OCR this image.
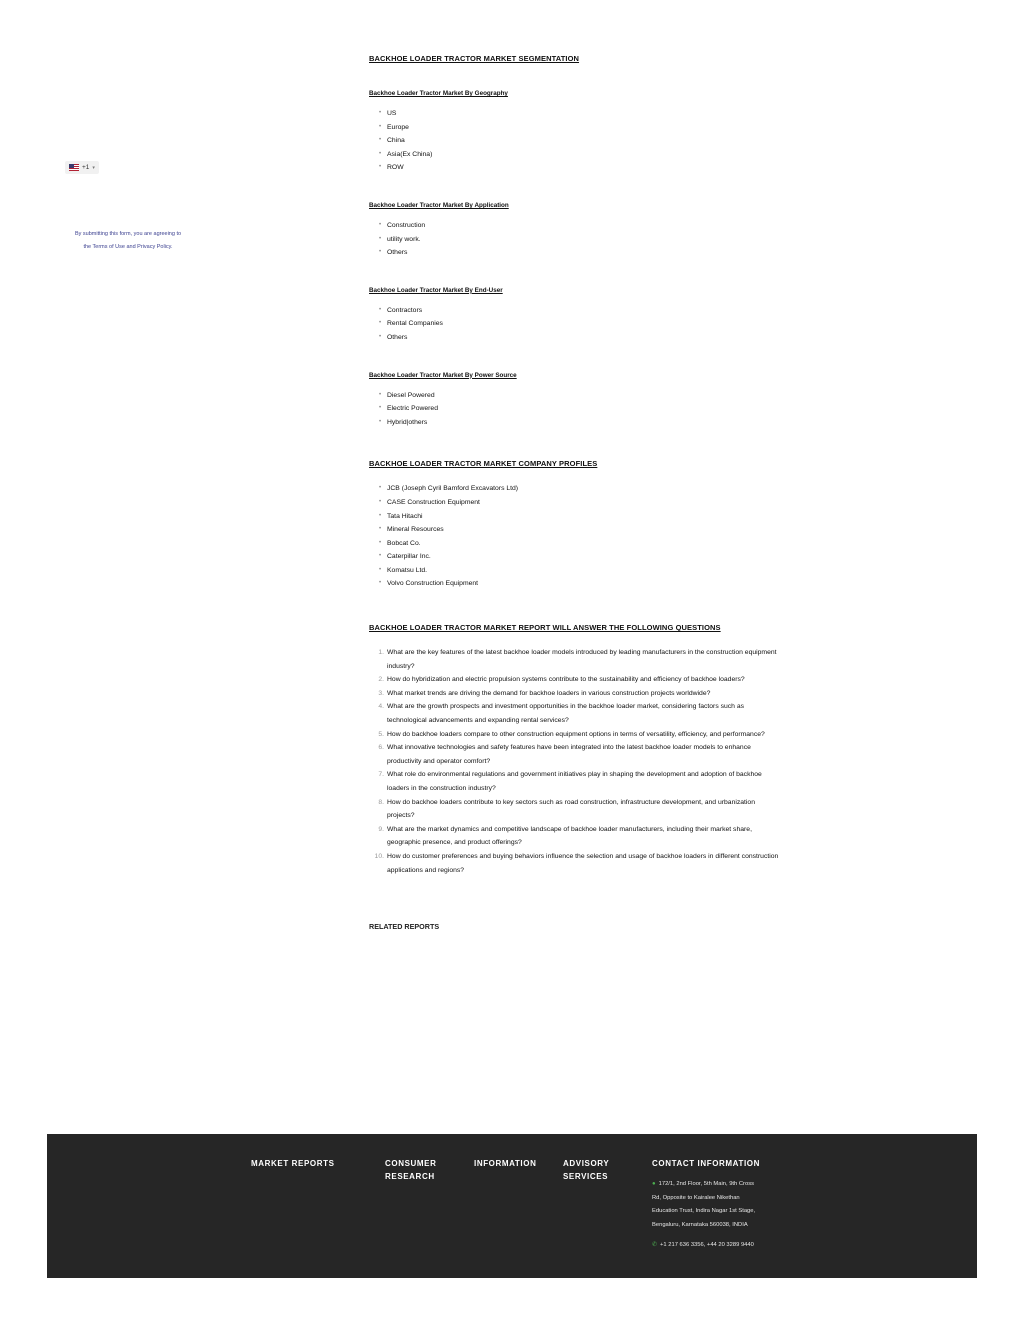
+1 ▾
By submitting this form, you are agreeing to
the Terms of Use and Privacy Policy.
BACKHOE LOADER TRACTOR MARKET SEGMENTATION
Backhoe Loader Tractor Market By Geography
• US
• Europe
• China
• Asia(Ex China)
• ROW
Backhoe Loader Tractor Market By Application
• Construction
• utility work.
• Others
Backhoe Loader Tractor Market By End-User
• Contractors
• Rental Companies
• Others
Backhoe Loader Tractor Market By Power Source
• Diesel Powered
• Electric Powered
• Hybrid|others
BACKHOE LOADER TRACTOR MARKET COMPANY PROFILES
• JCB (Joseph Cyril Bamford Excavators Ltd)
• CASE Construction Equipment
• Tata Hitachi
• Mineral Resources
• Bobcat Co.
• Caterpillar Inc.
• Komatsu Ltd.
• Volvo Construction Equipment
BACKHOE LOADER TRACTOR MARKET REPORT WILL ANSWER THE FOLLOWING QUESTIONS
What are the key features of the latest backhoe loader models introduced by leading manufacturers in the construction equipment industry?
How do hybridization and electric propulsion systems contribute to the sustainability and efficiency of backhoe loaders?
What market trends are driving the demand for backhoe loaders in various construction projects worldwide?
What are the growth prospects and investment opportunities in the backhoe loader market, considering factors such as technological advancements and expanding rental services?
How do backhoe loaders compare to other construction equipment options in terms of versatility, efficiency, and performance?
What innovative technologies and safety features have been integrated into the latest backhoe loader models to enhance productivity and operator comfort?
What role do environmental regulations and government initiatives play in shaping the development and adoption of backhoe loaders in the construction industry?
How do backhoe loaders contribute to key sectors such as road construction, infrastructure development, and urbanization projects?
What are the market dynamics and competitive landscape of backhoe loader manufacturers, including their market share, geographic presence, and product offerings?
How do customer preferences and buying behaviors influence the selection and usage of backhoe loaders in different construction applications and regions?
RELATED REPORTS
MARKET REPORTS	CONSUMER
RESEARCH
INFORMATION	ADVISORY
SERVICES
CONTACT INFORMATION
● 172/1, 2nd Floor, 5th Main, 9th Cross
Rd, Opposite to Kairalee Nikethan
Education Trust, Indira Nagar 1st Stage,
Bengaluru, Karnataka 560038, INDIA
✆ +1 217 636 3356, +44 20 3289 9440
